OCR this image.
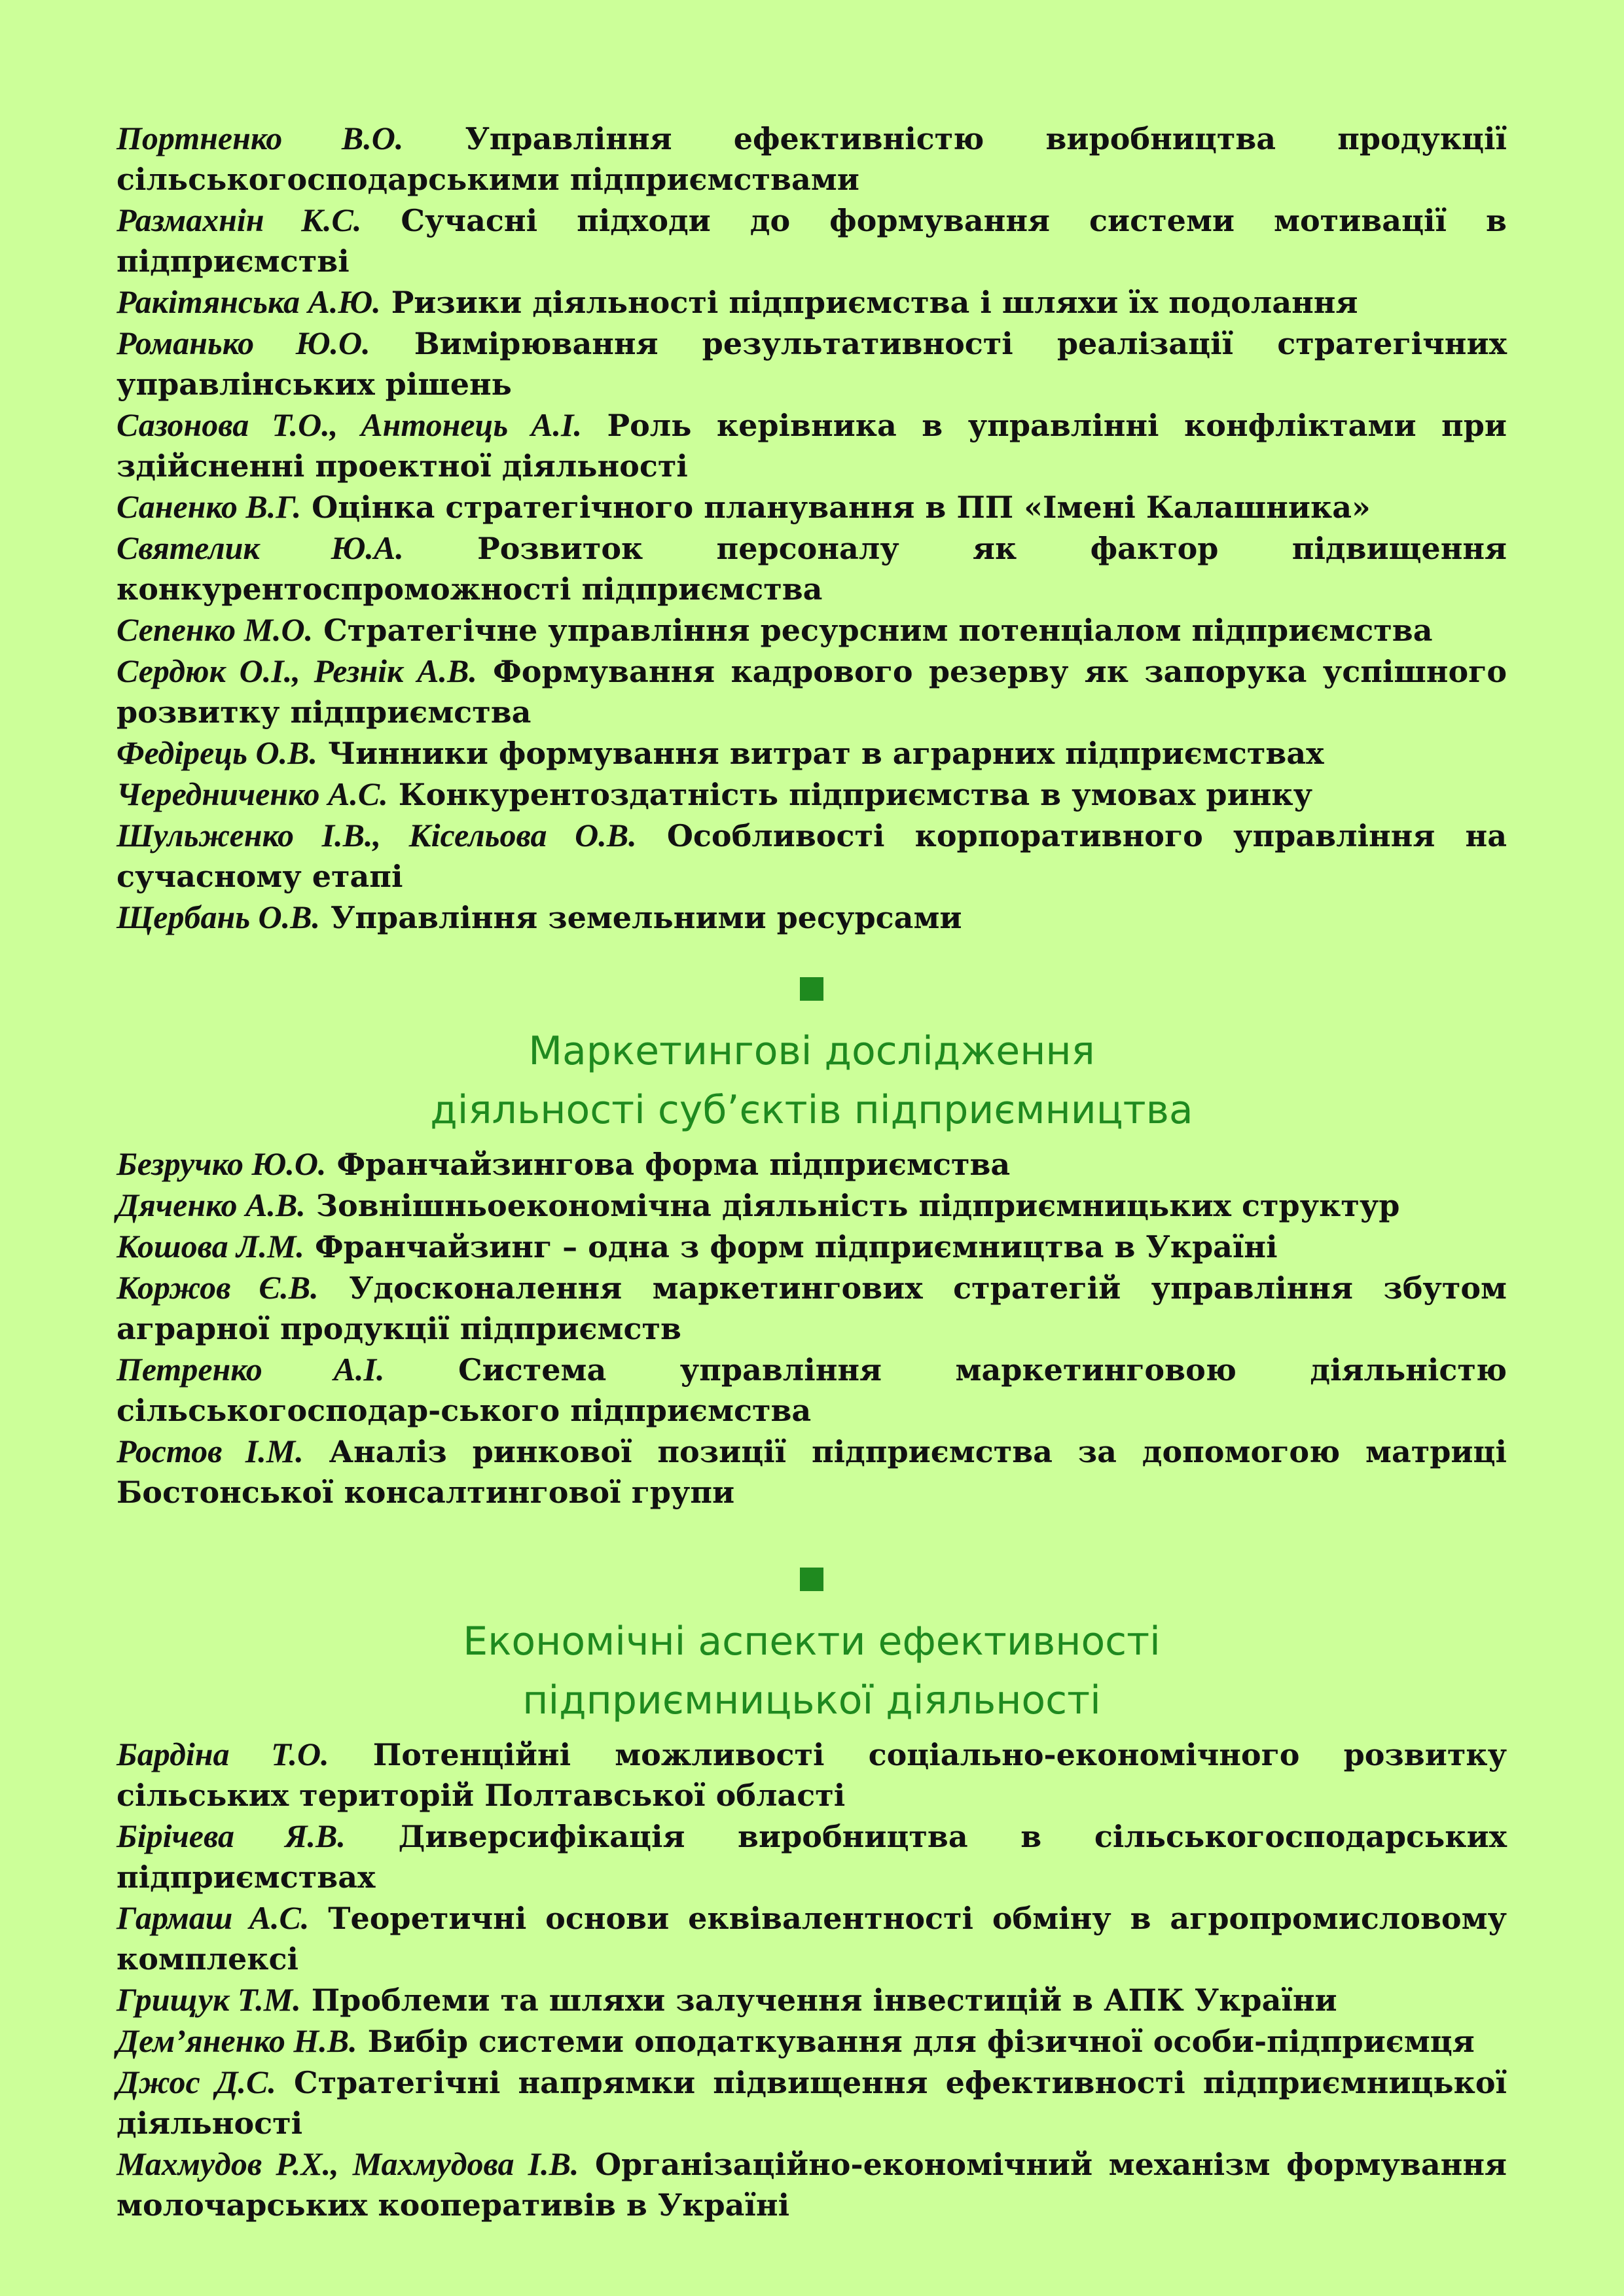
Портненко В.О. Управління ефективністю виробництва продукції сільськогосподарськими підприємствами

Размахнін К.С. Сучасні підходи до формування системи мотивації в підприємстві

Ракітянська А.Ю. Ризики діяльності підприємства і шляхи їх подолання

Романько Ю.О. Вимірювання результативності реалізації стратегічних управлінських рішень

Сазонова Т.О., Антонець А.І. Роль керівника в управлінні конфліктами при здійсненні проектної діяльності

Саненко В.Г. Оцінка стратегічного планування в ПП «Імені Калашника»

Святелик Ю.А. Розвиток персоналу як фактор підвищення конкурентоспроможності підприємства

Сепенко М.О. Стратегічне управління ресурсним потенціалом підприємства

Сердюк О.І., Резнік А.В. Формування кадрового резерву як запорука успішного розвитку підприємства

Федірець О.В. Чинники формування витрат в аграрних підприємствах

Чередниченко А.С. Конкурентоздатність підприємства в умовах ринку

Шульженко І.В., Кісельова О.В. Особливості корпоративного управління на сучасному етапі

Щербань О.В. Управління земельними ресурсами

Маркетингові дослідження
діяльності суб’єктів підприємництва

Безручко Ю.О. Франчайзингова форма підприємства

Дяченко А.В. Зовнішньоекономічна діяльність підприємницьких структур

Кошова Л.М. Франчайзинг – одна з форм підприємництва в Україні

Коржов Є.В. Удосконалення маркетингових стратегій управління збутом аграрної продукції підприємств

Петренко А.І. Система управління маркетинговою діяльністю сільськогосподар-ського підприємства

Ростов І.М. Аналіз ринкової позиції підприємства за допомогою матриці Бостонської консалтингової групи

Економічні аспекти ефективності
підприємницької діяльності

Бардіна Т.О. Потенційні можливості соціально-економічного розвитку сільських територій Полтавської області

Бірічева Я.В. Диверсифікація виробництва в сільськогосподарських підприємствах

Гармаш А.С. Теоретичні основи еквівалентності обміну в агропромисловому комплексі

Грищук Т.М. Проблеми та шляхи залучення інвестицій в АПК України

Дем’яненко Н.В. Вибір системи оподаткування для фізичної особи-підприємця

Джос Д.С. Стратегічні напрямки підвищення ефективності підприємницької діяльності

Махмудов Р.Х., Махмудова І.В. Організаційно-економічний механізм формування молочарських кооперативів в Україні
